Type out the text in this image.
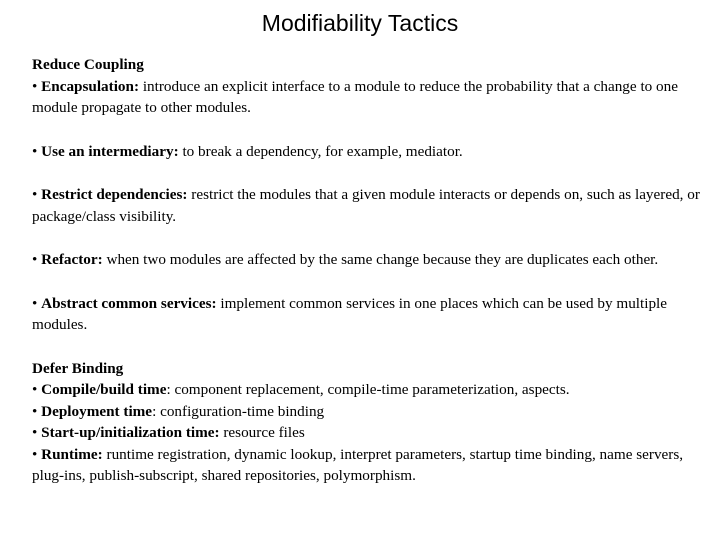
Modifiability Tactics
Reduce Coupling
• Encapsulation: introduce an explicit interface to a module to reduce the probability that a change to one module propagate to other modules.
• Use an intermediary: to break a dependency, for example, mediator.
• Restrict dependencies: restrict the modules that a given module interacts or depends on, such as layered, or package/class visibility.
• Refactor: when two modules are affected by the same change because they are duplicates each other.
• Abstract common services: implement common services in one places which can be used by multiple modules.
Defer Binding
• Compile/build time: component replacement, compile-time parameterization, aspects.
• Deployment time: configuration-time binding
• Start-up/initialization time: resource files
• Runtime: runtime registration, dynamic lookup, interpret parameters, startup time binding, name servers, plug-ins, publish-subscript, shared repositories, polymorphism.
